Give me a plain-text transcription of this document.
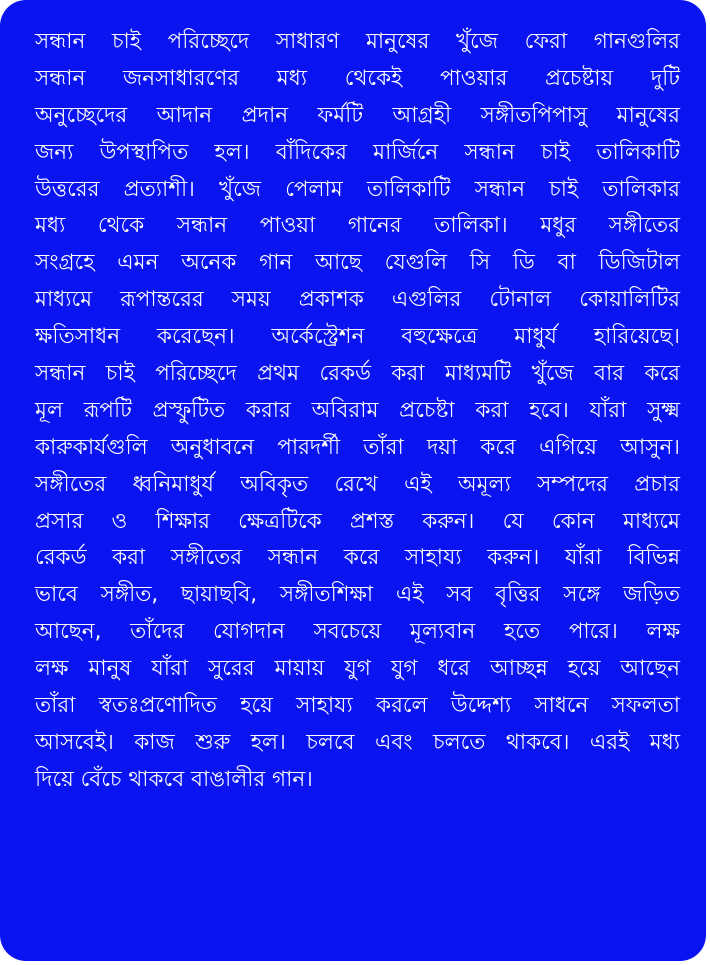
সন্ধান চাই পরিচ্ছেদে সাধারণ মানুষের খুঁজে ফেরা গানগুলির
সন্ধান জনসাধারণের মধ্য থেকেই পাওয়ার প্রচেষ্টায় দুটি
অনুচ্ছেদের আদান প্রদান ফর্মটি আগ্রহী সঙ্গীতপিপাসু মানুষের
জন্য উপস্থাপিত হল। বাঁদিকের মার্জিনে সন্ধান চাই তালিকাটি
উত্তরের প্রত্যাশী। খুঁজে পেলাম তালিকাটি সন্ধান চাই তালিকার
মধ্য থেকে সন্ধান পাওয়া গানের তালিকা। মধুর সঙ্গীতের
সংগ্রহে এমন অনেক গান আছে যেগুলি সি ডি বা ডিজিটাল
মাধ্যমে রূপান্তরের সময় প্রকাশক এগুলির টোনাল কোয়ালিটির
ক্ষতিসাধন করেছেন। অর্কেস্ট্রেশন বহুক্ষেত্রে মাধুর্য হারিয়েছে।
সন্ধান চাই পরিচ্ছেদে প্রথম রেকর্ড করা মাধ্যমটি খুঁজে বার করে
মূল রূপটি প্রস্ফুটিত করার অবিরাম প্রচেষ্টা করা হবে। যাঁরা সুক্ষ্ম
কারুকার্যগুলি অনুধাবনে পারদর্শী তাঁরা দয়া করে এগিয়ে আসুন।
সঙ্গীতের ধ্বনিমাধুর্য অবিকৃত রেখে এই অমূল্য সম্পদের প্রচার
প্রসার ও শিক্ষার ক্ষেত্রটিকে প্রশস্ত করুন। যে কোন মাধ্যমে
রেকর্ড করা সঙ্গীতের সন্ধান করে সাহায্য করুন। যাঁরা বিভিন্ন
ভাবে সঙ্গীত, ছায়াছবি, সঙ্গীতশিক্ষা এই সব বৃত্তির সঙ্গে জড়িত
আছেন, তাঁদের যোগদান সবচেয়ে মূল্যবান হতে পারে। লক্ষ
লক্ষ মানুষ যাঁরা সুরের মায়ায় যুগ যুগ ধরে আচ্ছন্ন হয়ে আছেন
তাঁরা স্বতঃপ্রণোদিত হয়ে সাহায্য করলে উদ্দেশ্য সাধনে সফলতা
আসবেই। কাজ শুরু হল। চলবে এবং চলতে থাকবে। এরই মধ্য
দিয়ে বেঁচে থাকবে বাঙালীর গান।
